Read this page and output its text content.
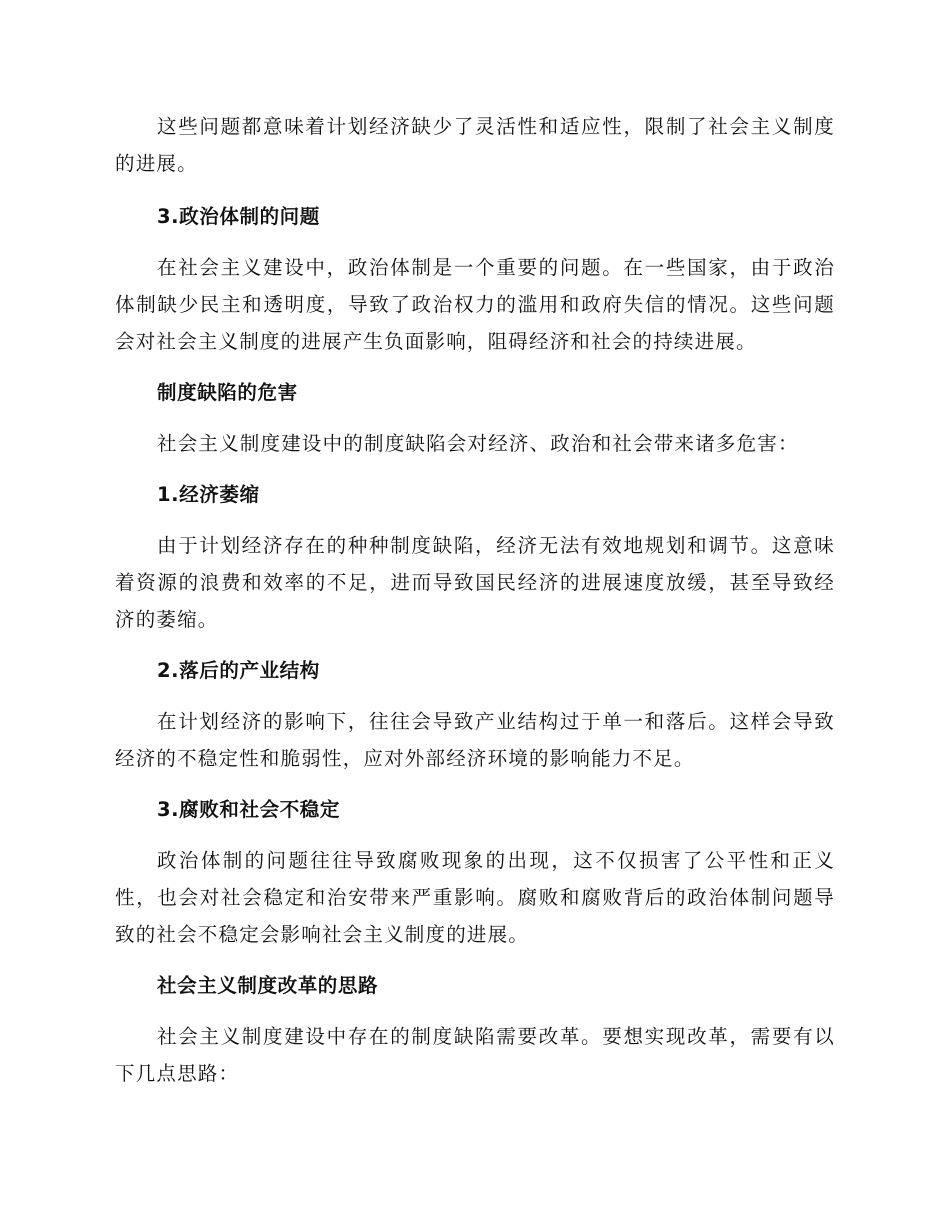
这些问题都意味着计划经济缺少了灵活性和适应性，限制了社会主义制度的进展。

3.政治体制的问题

在社会主义建设中，政治体制是一个重要的问题。在一些国家，由于政治体制缺少民主和透明度，导致了政治权力的滥用和政府失信的情况。这些问题会对社会主义制度的进展产生负面影响，阻碍经济和社会的持续进展。

制度缺陷的危害

社会主义制度建设中的制度缺陷会对经济、政治和社会带来诸多危害：

1.经济萎缩

由于计划经济存在的种种制度缺陷，经济无法有效地规划和调节。这意味着资源的浪费和效率的不足，进而导致国民经济的进展速度放缓，甚至导致经济的萎缩。

2.落后的产业结构

在计划经济的影响下，往往会导致产业结构过于单一和落后。这样会导致经济的不稳定性和脆弱性，应对外部经济环境的影响能力不足。

3.腐败和社会不稳定

政治体制的问题往往导致腐败现象的出现，这不仅损害了公平性和正义性，也会对社会稳定和治安带来严重影响。腐败和腐败背后的政治体制问题导致的社会不稳定会影响社会主义制度的进展。

社会主义制度改革的思路

社会主义制度建设中存在的制度缺陷需要改革。要想实现改革，需要有以下几点思路：
